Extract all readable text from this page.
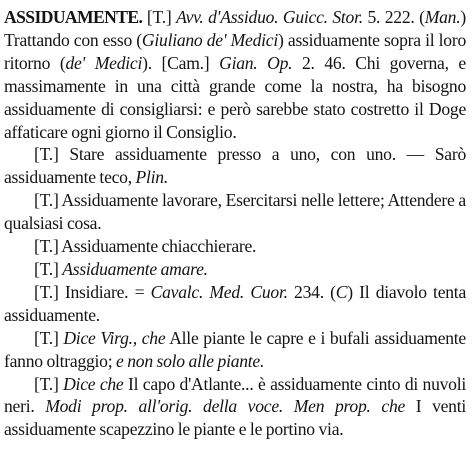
ASSIDUAMENTE. [T.] Avv. d'Assiduo. Guicc. Stor. 5. 222. (Man.) Trattando con esso (Giuliano de' Medici) assiduamente sopra il loro ritorno (de' Medici). [Cam.] Gian. Op. 2. 46. Chi governa, e massimamente in una città grande come la nostra, ha bisogno assiduamente di consigliarsi: e però sarebbe stato costretto il Doge affaticare ogni giorno il Consiglio.

[T.] Stare assiduamente presso a uno, con uno. — Sarò assiduamente teco, Plin.

[T.] Assiduamente lavorare, Esercitarsi nelle lettere; Attendere a qualsiasi cosa.

[T.] Assiduamente chiacchierare.

[T.] Assiduamente amare.

[T.] Insidiare. = Cavalc. Med. Cuor. 234. (C) Il diavolo tenta assiduamente.

[T.] Dice Virg., che Alle piante le capre e i bufali assiduamente fanno oltraggio; e non solo alle piante.

[T.] Dice che Il capo d'Atlante... è assiduamente cinto di nuvoli neri. Modi prop. all'orig. della voce. Men prop. che I venti assiduamente scapezzino le piante e le portino via.
